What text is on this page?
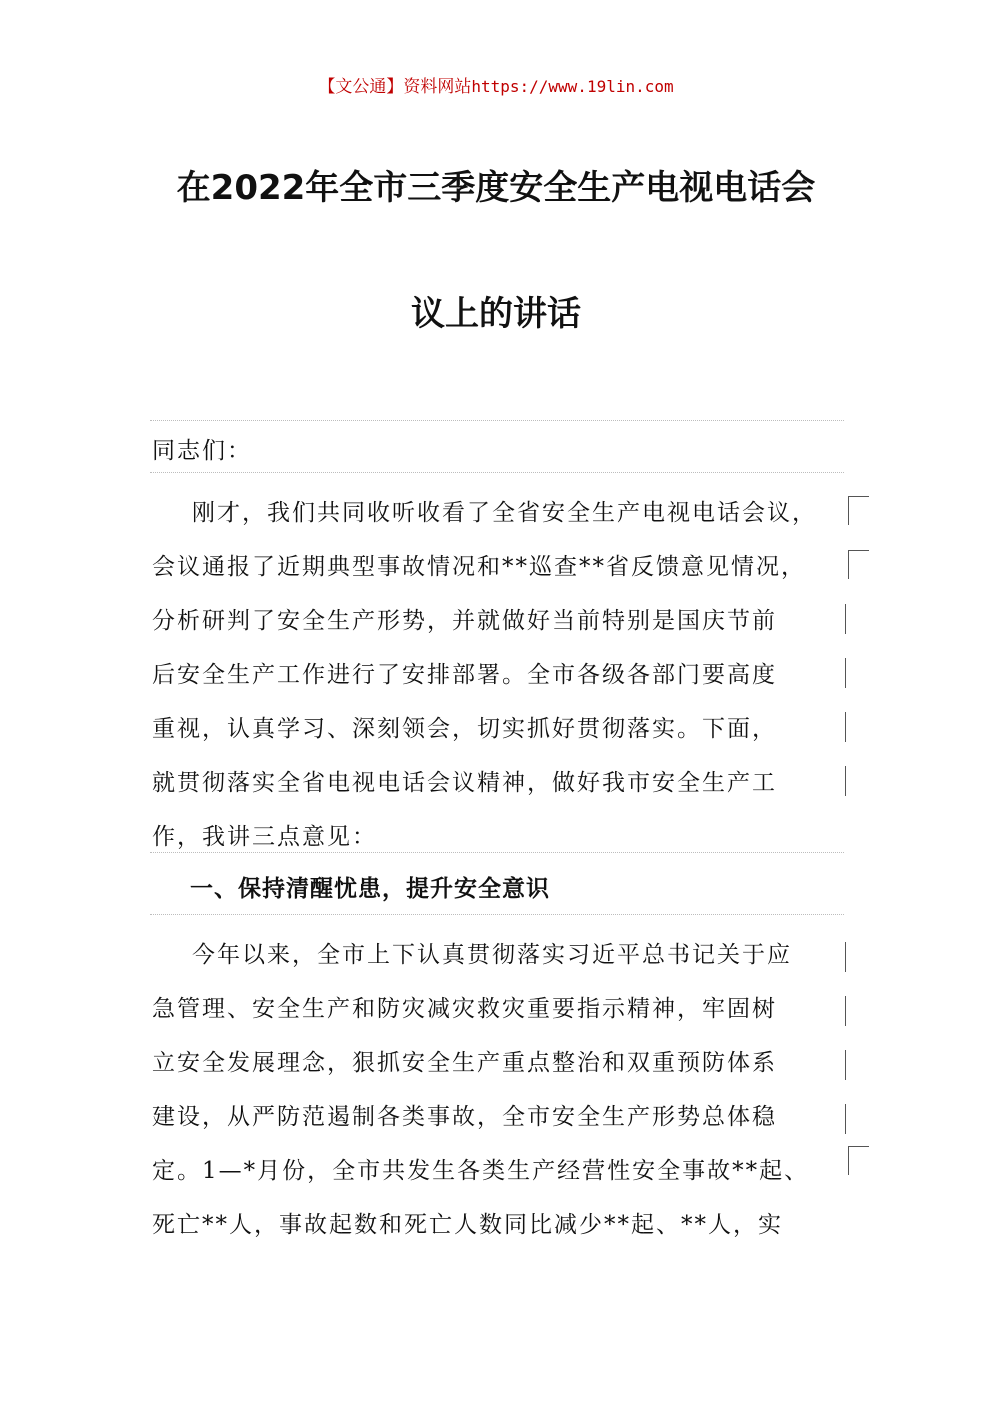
【文公通】资料网站https://www.19lin.com
在2022年全市三季度安全生产电视电话会
议上的讲话
同志们：
刚才，我们共同收听收看了全省安全生产电视电话会议，
会议通报了近期典型事故情况和**巡查**省反馈意见情况，
分析研判了安全生产形势，并就做好当前特别是国庆节前
后安全生产工作进行了安排部署。全市各级各部门要高度
重视，认真学习、深刻领会，切实抓好贯彻落实。下面，
就贯彻落实全省电视电话会议精神，做好我市安全生产工
作，我讲三点意见：
一、保持清醒忧患，提升安全意识
今年以来，全市上下认真贯彻落实习近平总书记关于应
急管理、安全生产和防灾减灾救灾重要指示精神，牢固树
立安全发展理念，狠抓安全生产重点整治和双重预防体系
建设，从严防范遏制各类事故，全市安全生产形势总体稳
定。1—*月份，全市共发生各类生产经营性安全事故**起、
死亡**人，事故起数和死亡人数同比减少**起、**人，实
